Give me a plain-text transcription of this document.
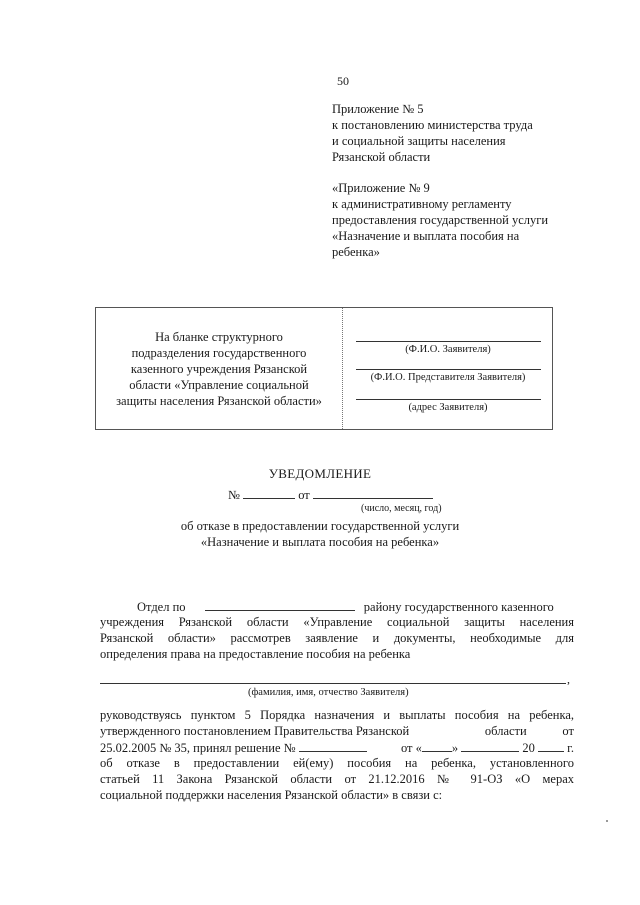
50
Приложение № 5
к постановлению министерства труда
и социальной защиты населения
Рязанской области
«Приложение № 9
к административному регламенту
предоставления государственной услуги
«Назначение и выплата пособия на
ребенка»
На бланке структурного
подразделения государственного
казенного учреждения Рязанской
области «Управление социальной
защиты населения Рязанской области»
(Ф.И.О. Заявителя)
(Ф.И.О. Представителя Заявителя)
(адрес Заявителя)
УВЕДОМЛЕНИЕ
№	от
(число, месяц, год)
об отказе в предоставлении государственной услуги
«Назначение и выплата пособия на ребенка»
Отдел по	району государственного казенного
учреждения Рязанской области «Управление социальной защиты населения
Рязанской области» рассмотрев заявление и документы, необходимые для
определения права на предоставление пособия на ребенка
,
(фамилия, имя, отчество Заявителя)
руководствуясь пунктом 5 Порядка назначения и выплаты пособия на ребенка,
утвержденного постановлением Правительства Рязанской	области	от
25.02.2005 № 35, принял решение №	от « »	20	г.
об отказе в предоставлении ей(ему) пособия на ребенка, установленного
статьей 11 Закона Рязанской области от 21.12.2016 № 91-ОЗ «О мерах
социальной поддержки населения Рязанской области» в связи с:
